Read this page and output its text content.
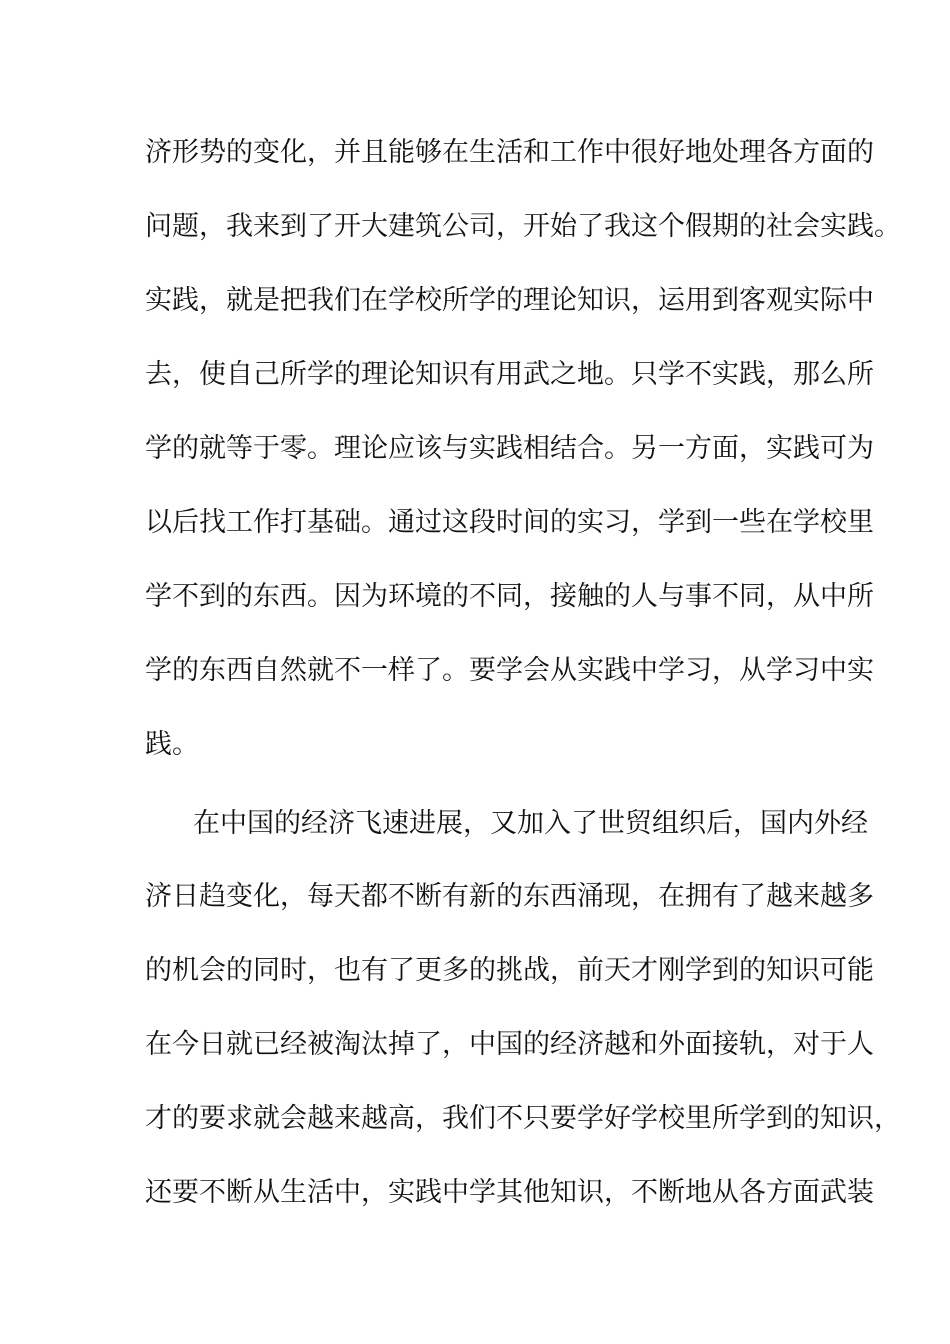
济形势的变化，并且能够在生活和工作中很好地处理各方面的

问题，我来到了开大建筑公司，开始了我这个假期的社会实践。

实践，就是把我们在学校所学的理论知识，运用到客观实际中

去，使自己所学的理论知识有用武之地。只学不实践，那么所

学的就等于零。理论应该与实践相结合。另一方面，实践可为

以后找工作打基础。通过这段时间的实习，学到一些在学校里

学不到的东西。因为环境的不同，接触的人与事不同，从中所

学的东西自然就不一样了。要学会从实践中学习，从学习中实

践。

在中国的经济飞速进展，又加入了世贸组织后，国内外经

济日趋变化，每天都不断有新的东西涌现，在拥有了越来越多

的机会的同时，也有了更多的挑战，前天才刚学到的知识可能

在今日就已经被淘汰掉了，中国的经济越和外面接轨，对于人

才的要求就会越来越高，我们不只要学好学校里所学到的知识，

还要不断从生活中，实践中学其他知识，不断地从各方面武装
